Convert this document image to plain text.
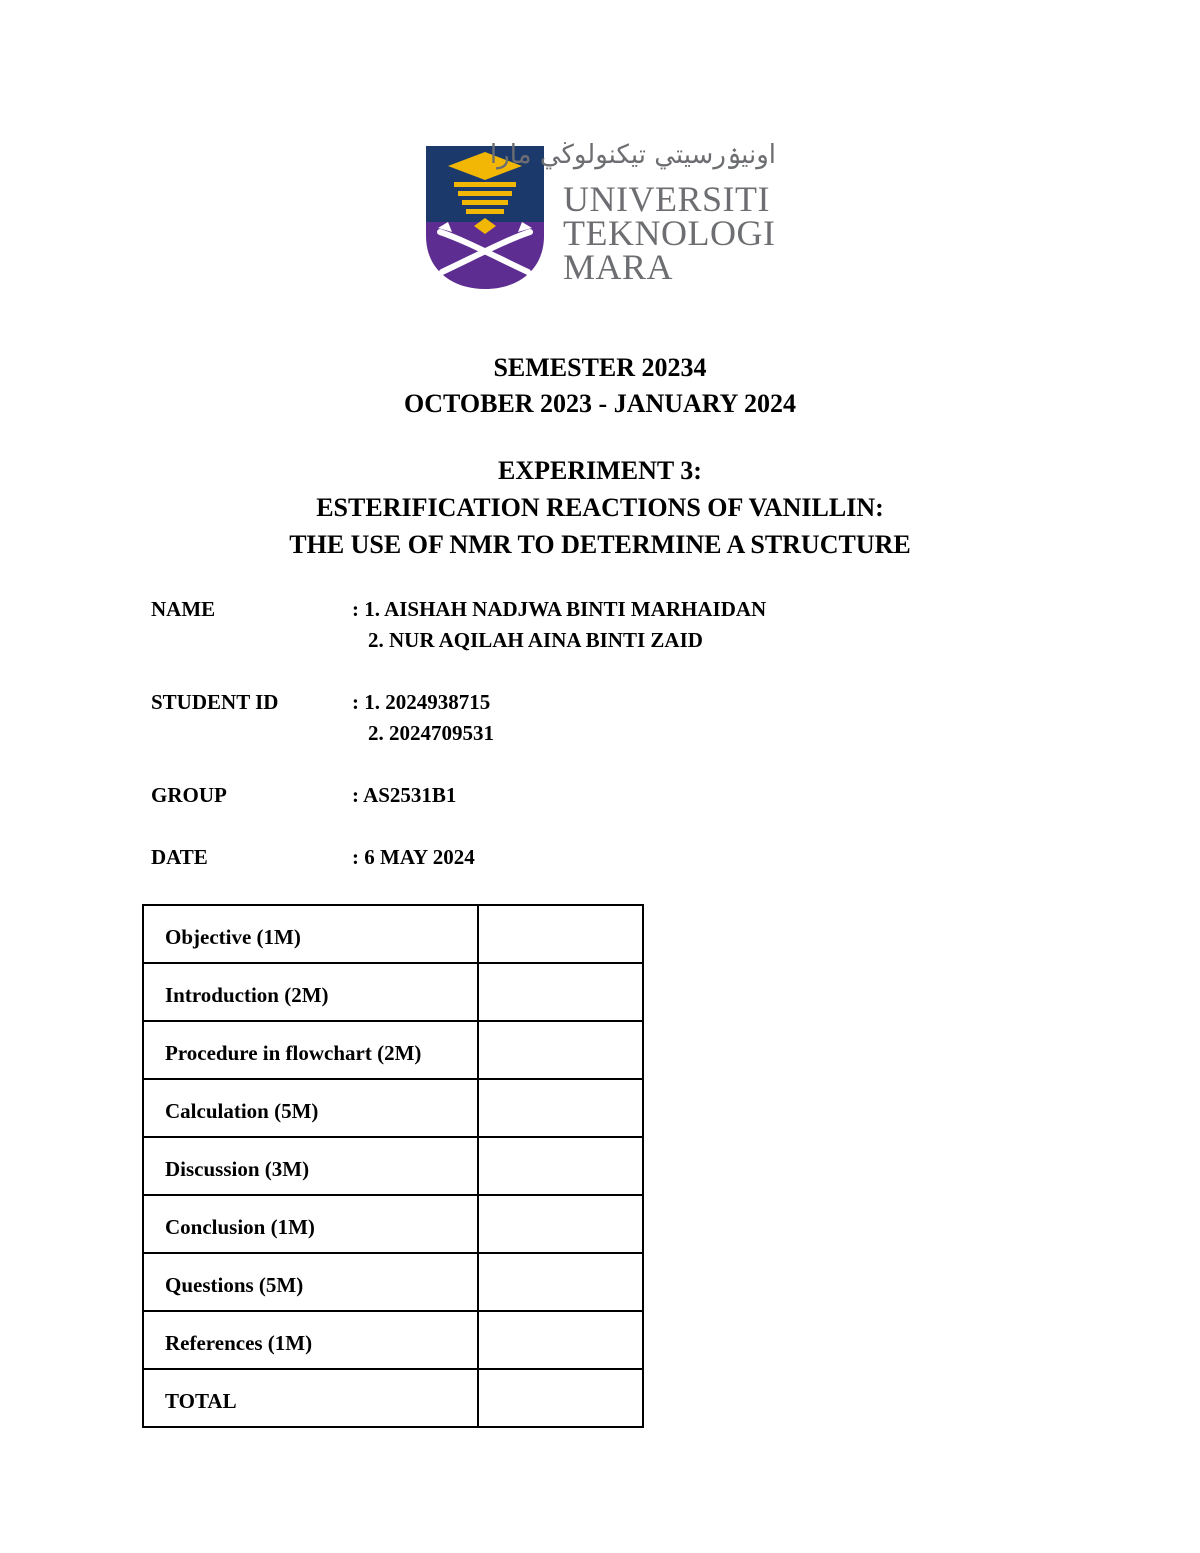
اونيۏرسيتي تيکنولوڬي مارا
UNIVERSITI
TEKNOLOGI
MARA
SEMESTER 20234
OCTOBER 2023 - JANUARY 2024
EXPERIMENT 3:
ESTERIFICATION REACTIONS OF VANILLIN:
THE USE OF NMR TO DETERMINE A STRUCTURE
NAME	: 1. AISHAH NADJWA BINTI MARHAIDAN
2. NUR AQILAH AINA BINTI ZAID
STUDENT ID	: 1. 2024938715
2. 2024709531
GROUP	: AS2531B1
DATE	: 6 MAY 2024
Objective (1M)	
Introduction (2M)	
Procedure in flowchart (2M)	
Calculation (5M)	
Discussion (3M)	
Conclusion (1M)	
Questions (5M)	
References (1M)	
TOTAL	
